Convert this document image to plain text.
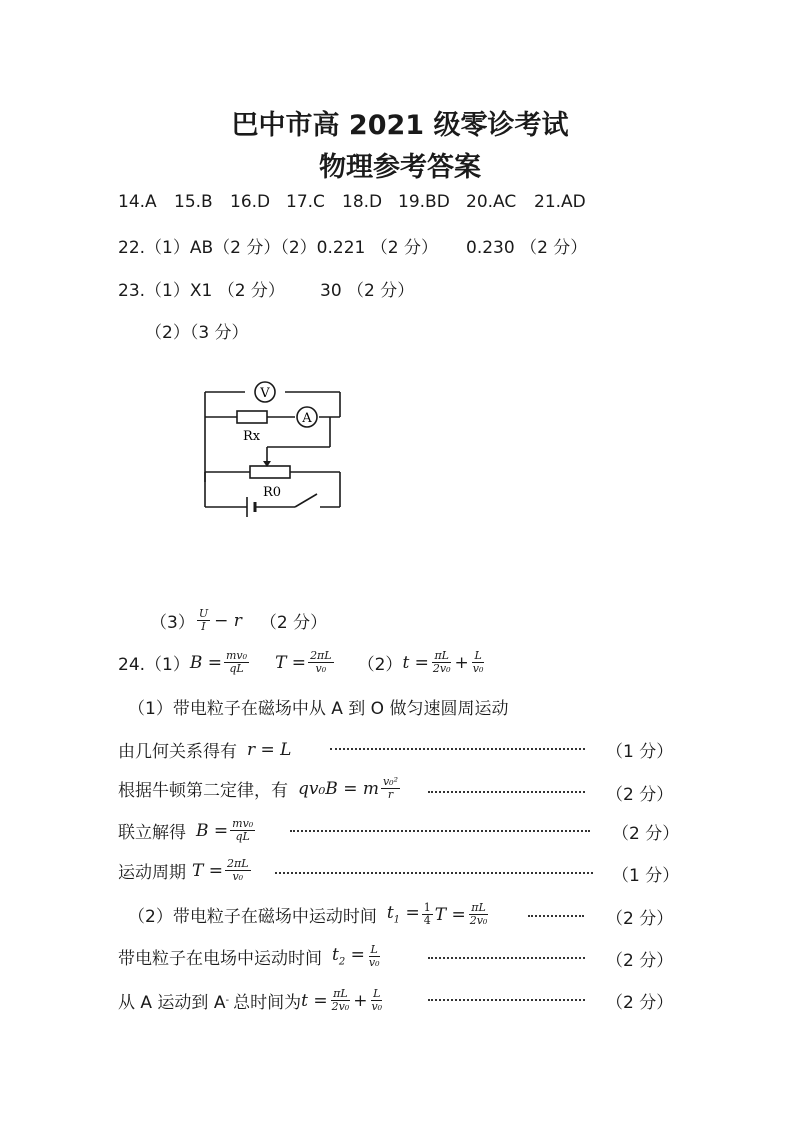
巴中市高 2021 级零诊考试
物理参考答案
14.A	15.B	16.D 17.C	18.D 19.BD 20.AC	21.AD
22.（1）AB（2 分）（2）0.221 （2 分） 0.230 （2 分）
23.（1）X1 （2 分） 30 （2 分）
（2）（3 分）
V
A
Rx
R0
$(3) \frac{U}{I} - r$ （2 分）
24.（1） $B = \frac{\text{mv₀}}{qL}$ $T = \frac{2\pi L}{\text{v₀}} (2) t = \frac{\pi L}{\text{2v₀}} + \frac{L}{\text{v₀}}$
（1）带电粒子在磁场中从 A 到 O 做匀速圆周运动
由几何关系得有 r = L	（1 分）
根据牛顿第二定律，有 qv₀B = m $\frac{\text{v₀²}}{r}$	（2 分）
联立解得 $B = \frac{\text{mv₀}}{qL}$	（2 分）
运动周期 $T = \frac{2\pi L}{\text{v₀}}$	（1 分）
（2）带电粒子在磁场中运动时间 $t_1 = \frac{1}{4}$ $T = \frac{\pi L}{\text{2v₀}}$	（2 分）
带电粒子在电场中运动时间 $t_2 = \frac{L}{\text{v₀}}$	（2 分）
从 A 运动到 A - 总时间为 $t = \frac{\pi L}{\text{2v₀}} + \frac{L}{\text{v₀}}$	（2 分）
